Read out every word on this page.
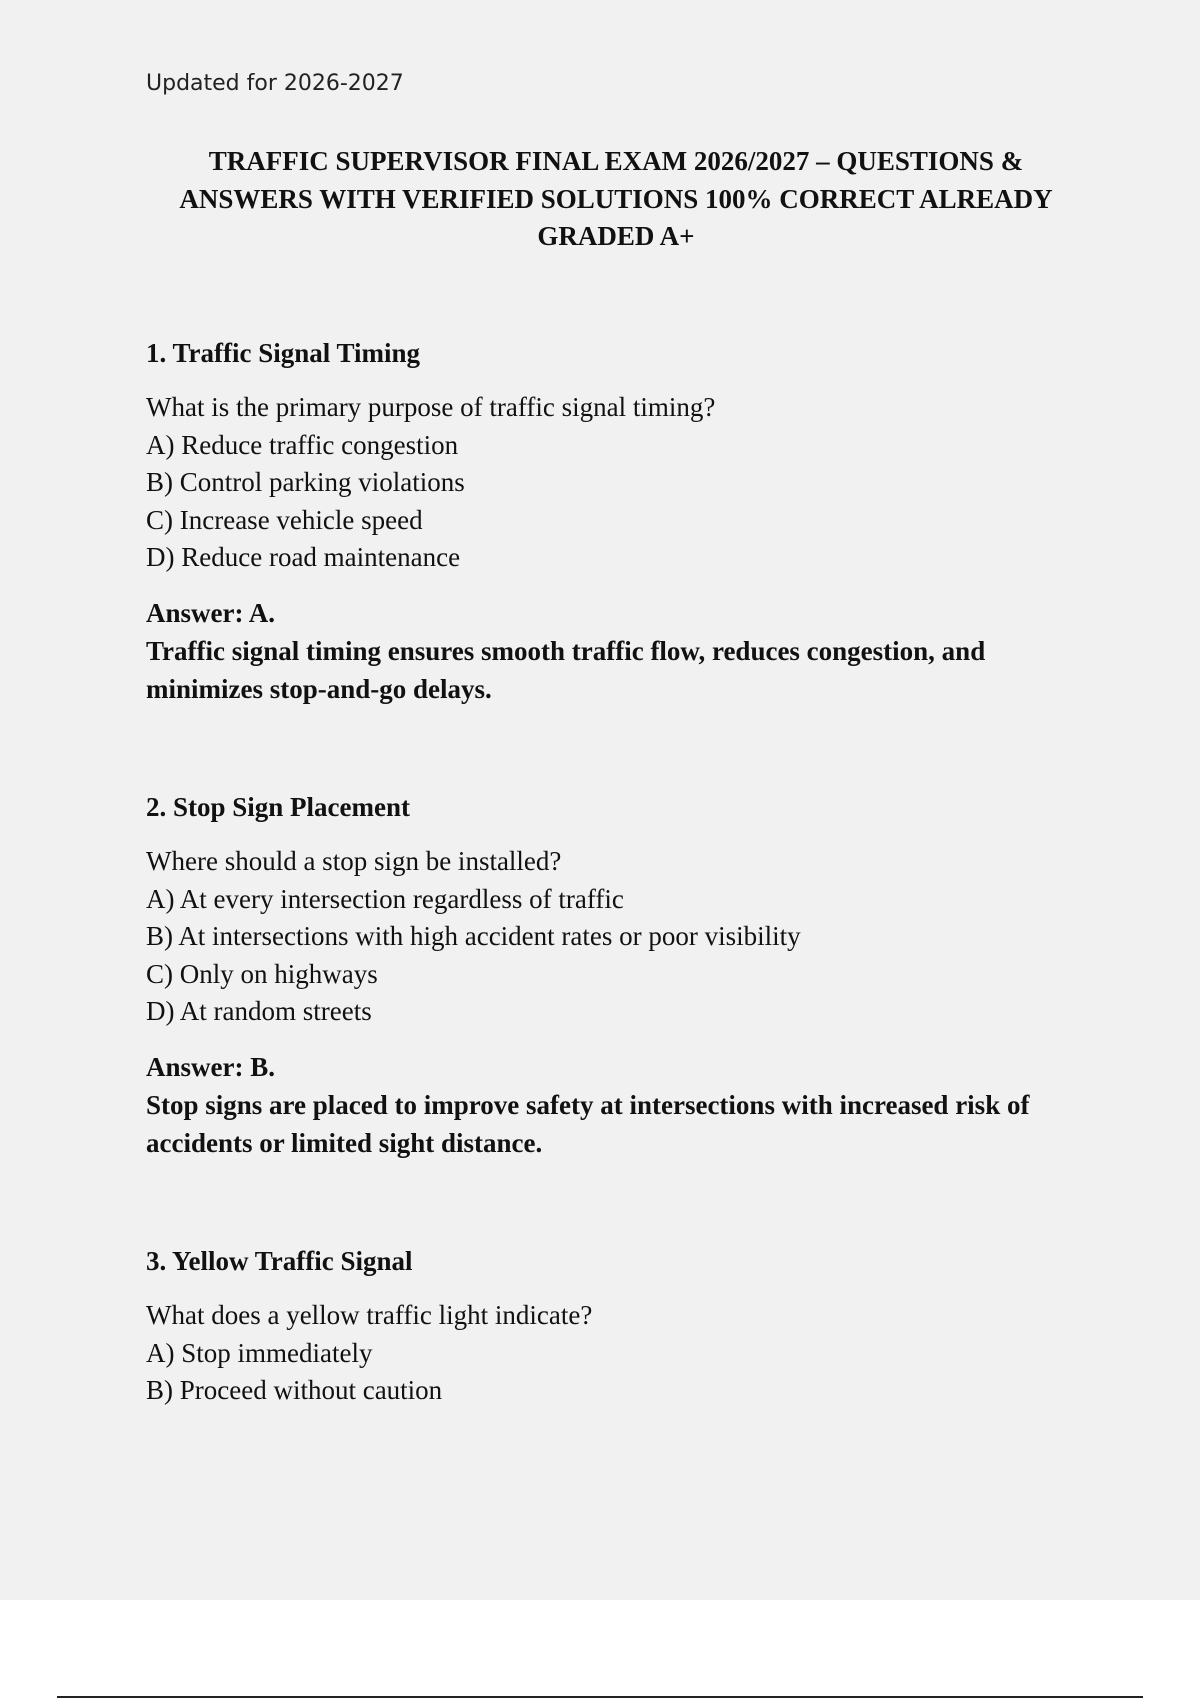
Updated for 2026-2027

TRAFFIC SUPERVISOR FINAL EXAM 2026/2027 – QUESTIONS & ANSWERS WITH VERIFIED SOLUTIONS 100% CORRECT ALREADY GRADED A+
1. Traffic Signal Timing

What is the primary purpose of traffic signal timing?

A) Reduce traffic congestion
B) Control parking violations
C) Increase vehicle speed
D) Reduce road maintenance

Answer: A.

Traffic signal timing ensures smooth traffic flow, reduces congestion, and minimizes stop-and-go delays.

2. Stop Sign Placement

Where should a stop sign be installed?

A) At every intersection regardless of traffic
B) At intersections with high accident rates or poor visibility
C) Only on highways
D) At random streets

Answer: B.

Stop signs are placed to improve safety at intersections with increased risk of accidents or limited sight distance.

3. Yellow Traffic Signal

What does a yellow traffic light indicate?

A) Stop immediately
B) Proceed without caution
